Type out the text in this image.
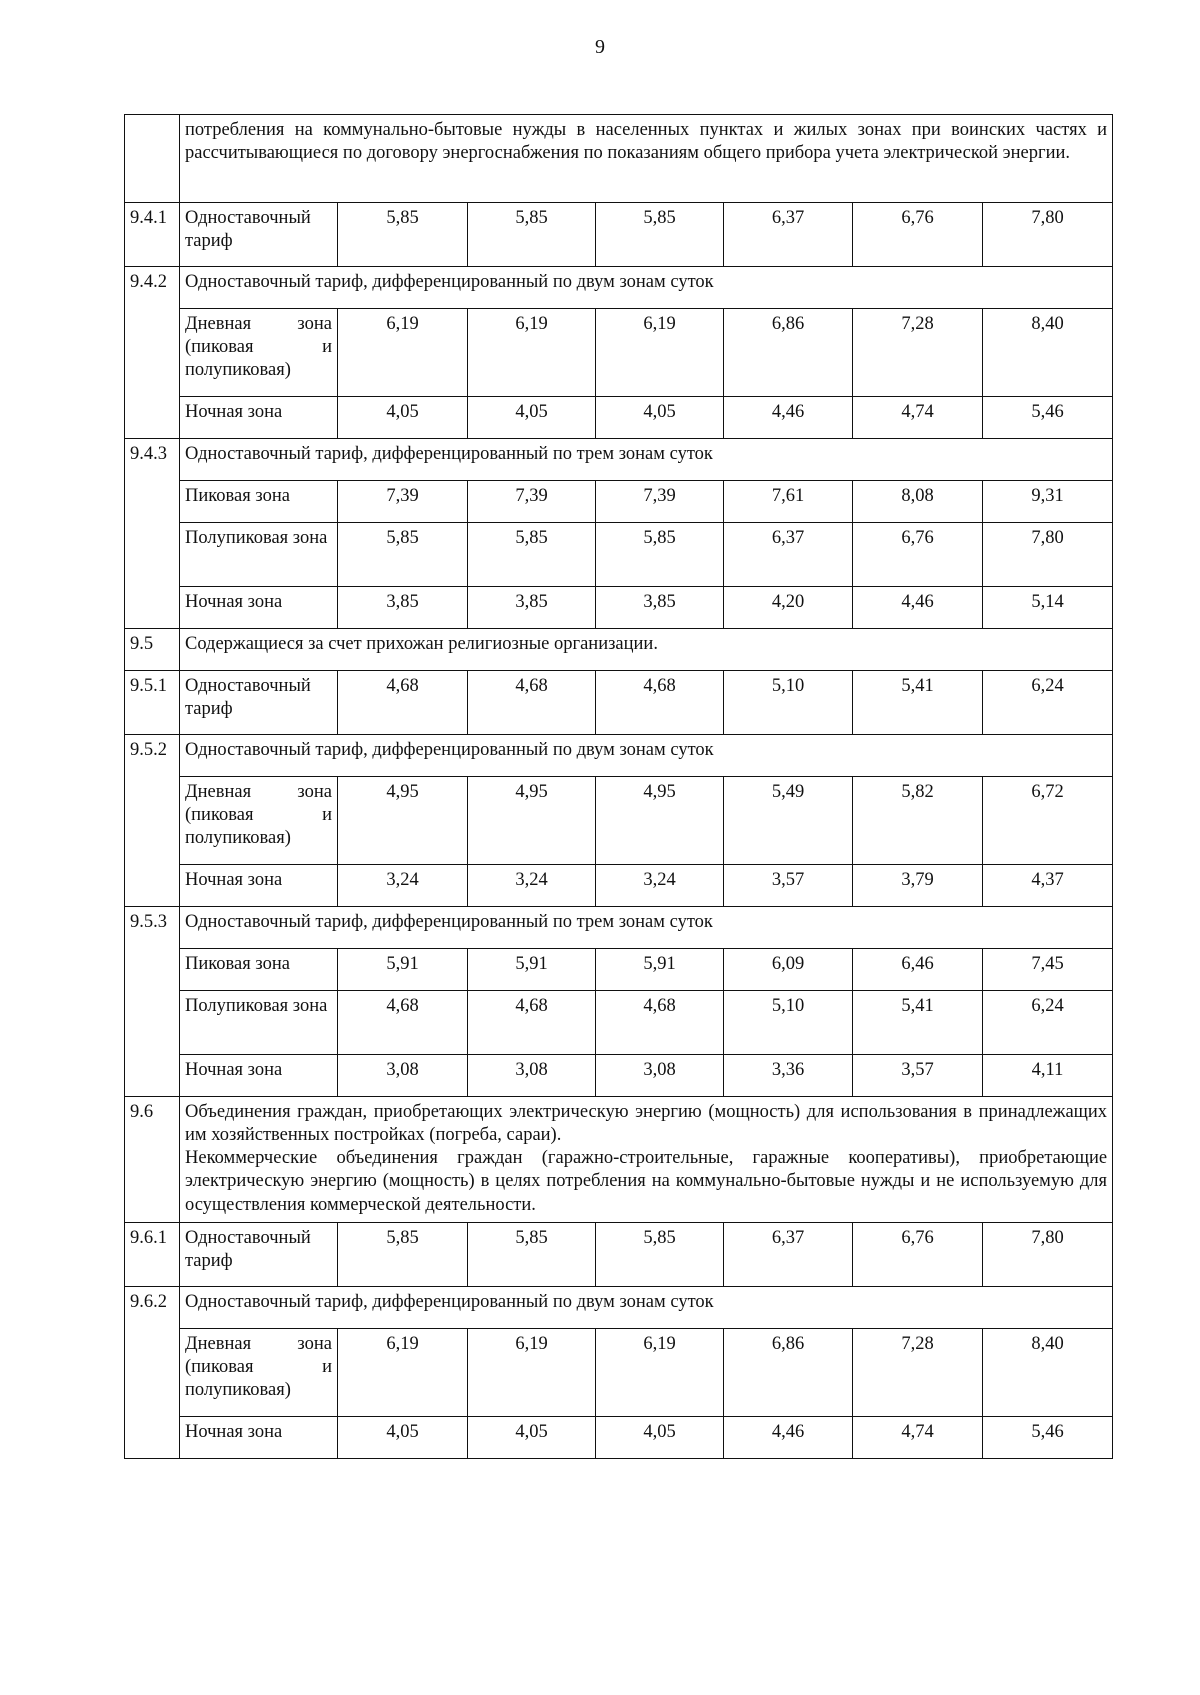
9
	потребления на коммунально-бытовые нужды в населенных пунктах и жилых зонах при воинских частях и рассчитывающиеся по договору энергоснабжения по показаниям общего прибора учета электрической энергии.						
9.4.1	Одноставочный тариф	5,85	5,85	5,85	6,37	6,76	7,80
9.4.2	Одноставочный тариф, дифференцированный по двум зонам суток						
	Дневная зона (пиковая и полупиковая)	6,19	6,19	6,19	6,86	7,28	8,40
	Ночная зона	4,05	4,05	4,05	4,46	4,74	5,46
9.4.3	Одноставочный тариф, дифференцированный по трем зонам суток						
	Пиковая зона	7,39	7,39	7,39	7,61	8,08	9,31
	Полупиковая зона	5,85	5,85	5,85	6,37	6,76	7,80
	Ночная зона	3,85	3,85	3,85	4,20	4,46	5,14
9.5	Содержащиеся за счет прихожан религиозные организации.						
9.5.1	Одноставочный тариф	4,68	4,68	4,68	5,10	5,41	6,24
9.5.2	Одноставочный тариф, дифференцированный по двум зонам суток						
	Дневная зона (пиковая и полупиковая)	4,95	4,95	4,95	5,49	5,82	6,72
	Ночная зона	3,24	3,24	3,24	3,57	3,79	4,37
9.5.3	Одноставочный тариф, дифференцированный по трем зонам суток						
	Пиковая зона	5,91	5,91	5,91	6,09	6,46	7,45
	Полупиковая зона	4,68	4,68	4,68	5,10	5,41	6,24
	Ночная зона	3,08	3,08	3,08	3,36	3,57	4,11
9.6	Объединения граждан, приобретающих электрическую энергию (мощность) для использования в принадлежащих им хозяйственных постройках (погреба, сараи).
Некоммерческие объединения граждан (гаражно-строительные, гаражные кооперативы), приобретающие электрическую энергию (мощность) в целях потребления на коммунально-бытовые нужды и не используемую для осуществления коммерческой деятельности.						

9.6.1	Одноставочный тариф	5,85	5,85	5,85	6,37	6,76	7,80
9.6.2	Одноставочный тариф, дифференцированный по двум зонам суток						
	Дневная зона (пиковая и полупиковая)	6,19	6,19	6,19	6,86	7,28	8,40
	Ночная зона	4,05	4,05	4,05	4,46	4,74	5,46
